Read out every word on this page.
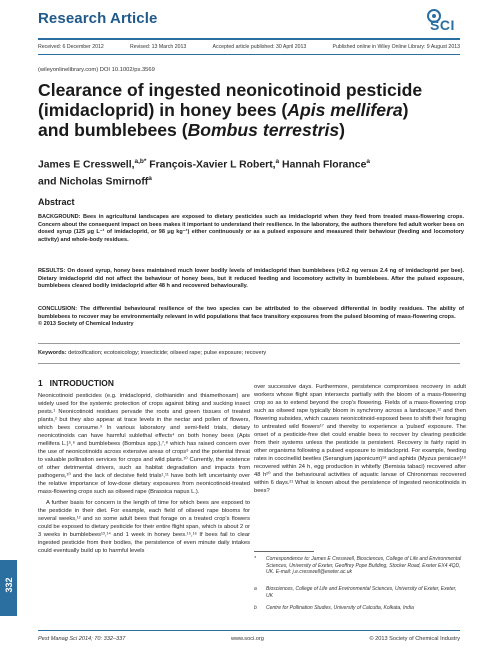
Research Article	SCI
Received: 6 December 2012	Revised: 13 March 2013	Accepted article published: 30 April 2013	Published online in Wiley Online Library: 9 August 2013
(wileyonlinelibrary.com) DOI 10.1002/ps.3569
Clearance of ingested neonicotinoid pesticide
(imidacloprid) in honey bees (Apis mellifera)
and bumblebees (Bombus terrestris)
James E Cresswell,$^{a,b*}$ François-Xavier L Robert,$^a$ Hannah Florance$^a$
and Nicholas Smirnoff$^a$
Abstract

BACKGROUND: Bees in agricultural landscapes are exposed to dietary pesticides such as imidacloprid when they feed from treated mass-flowering crops. Concern about the consequent impact on bees makes it important to understand their resilience. In the laboratory, the authors therefore fed adult worker bees on dosed syrup (125 μg L⁻¹ of imidacloprid, or 98 μg kg⁻¹) either continuously or as a pulsed exposure and measured their behaviour (feeding and locomotory activity) and whole-body residues.

RESULTS: On dosed syrup, honey bees maintained much lower bodily levels of imidacloprid than bumblebees (<0.2 ng versus 2.4 ng of imidacloprid per bee). Dietary imidacloprid did not affect the behaviour of honey bees, but it reduced feeding and locomotory activity in bumblebees. After the pulsed exposure, bumblebees cleared bodily imidacloprid after 48 h and recovered behaviourally.

CONCLUSION: The differential behavioural resilience of the two species can be attributed to the observed differential in bodily residues. The ability of bumblebees to recover may be environmentally relevant in wild populations that face transitory exposures from the pulsed blooming of mass-flowering crops.
© 2013 Society of Chemical Industry

Keywords: detoxification; ecotoxicology; insecticide; oilseed rape; pulse exposure; recovery
1 INTRODUCTION

Neonicotinoid pesticides (e.g. imidacloprid, clothianidin and thiamethoxam) are widely used for the systemic protection of crops against biting and sucking insect pests.¹ Neonicotinoid residues pervade the roots and green tissues of treated plants,² but they also appear at trace levels in the nectar and pollen of flowers, which bees consume.³ In various laboratory and semi-field trials, dietary neonicotinoids can have harmful sublethal effects⁴ on both honey bees (Apis mellifera L.)⁵,⁶ and bumblebees (Bombus spp.),⁷,⁸ which has raised concern over the use of neonicotinoids across extensive areas of crops⁹ and the potential threat to valuable pollination services for crops and wild plants.¹⁰ Currently, the existence of other detrimental drivers, such as habitat degradation and impacts from pathogens,¹⁰ and the lack of decisive field trials¹,¹¹ have both left uncertainty over the relative importance of low-dose dietary exposures from neonicotinoid-treated mass-flowering crops such as oilseed rape (Brassica napus L.).

A further basis for concern is the length of time for which bees are exposed to the pesticide in their diet. For example, each field of oilseed rape blooms for several weeks,¹² and so some adult bees that forage on a treated crop's flowers could be exposed to dietary pesticide for their entire flight span, which is about 2 or 3 weeks in bumblebees¹³,¹⁴ and 1 week in honey bees.¹⁵,¹⁶ If bees fail to clear ingested pesticide from their bodies, the persistence of even minute daily intakes could eventually build up to harmful levels

over successive days. Furthermore, persistence compromises recovery in adult workers whose flight span intersects partially with the bloom of a mass-flowering crop so as to extend beyond the crop's flowering. Fields of a mass-flowering crop such as oilseed rape typically bloom in synchrony across a landscape,¹² and then flowering subsides, which causes neonicotinoid-exposed bees to shift their foraging to untreated wild flowers¹⁷ and thereby to experience a 'pulsed' exposure. The onset of a pesticide-free diet could enable bees to recover by clearing pesticide from their systems unless the pesticide is persistent. Recovery is fairly rapid in other organisms following a pulsed exposure to imidacloprid. For example, feeding rates in coccinellid beetles (Serangium japonicum)¹⁸ and aphids (Myzus persicae)¹⁹ recovered within 24 h, egg production in whitefly (Bemisia tabaci) recovered after 48 h²⁰ and the behavioural activities of aquatic larvae of Chironomas recovered within 6 days.²¹ What is known about the persistence of ingested neonicotinoids in bees?

*	Correspondence to: James E Cresswell, Biosciences, College of Life and Environmental Sciences, University of Exeter, Geoffrey Pope Building, Stocker Road, Exeter EX4 4QD, UK. E-mail: j.e.cresswell@exeter.ac.uk

a	Biosciences, College of Life and Environmental Sciences, University of Exeter, Exeter, UK

b	Centre for Pollination Studies, University of Calcutta, Kolkata, India

332
Pest Manag Sci 2014; 70: 332–337	www.soci.org	© 2013 Society of Chemical Industry
